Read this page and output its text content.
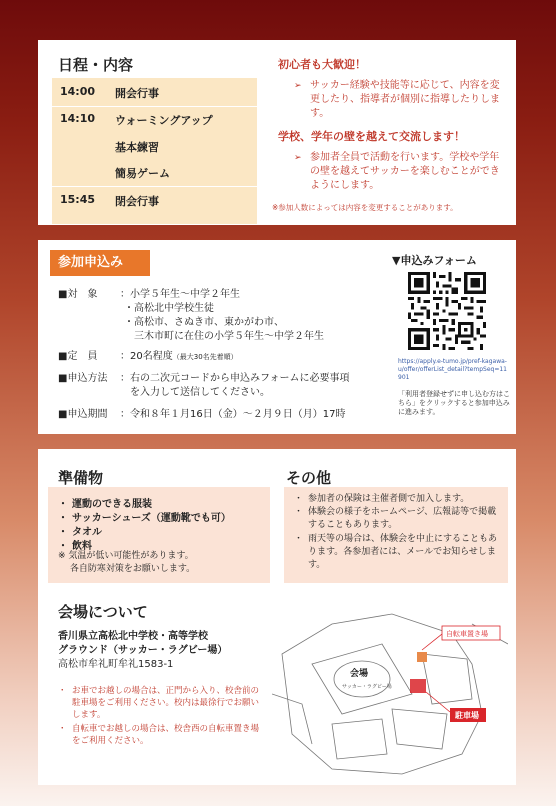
日程・内容
14:00	開会行事
14:10	ウォーミングアップ
基本練習
簡易ゲーム
15:45	閉会行事
初心者も大歓迎！
➢ サッカー経験や技能等に応じて、内容を変更したり、指導者が個別に指導したりします。
学校、学年の壁を越えて交流します！
➢ 参加者全員で活動を行います。学校や学年の壁を越えてサッカーを楽しむことができようにします。
※参加人数によっては内容を変更することがあります。
参加申込み	▼申込みフォーム
https://apply.e-tumo.jp/pref-kagawa-u/offer/offerList_detail?tempSeq=11901
「利用者登録せずに申し込む方はこちら」をクリックすると参加申込みに進みます。
■対　象 ：小学５年生〜中学２年生
・高松北中学校生徒
・高松市、さぬき市、東かがわ市、
　三木市町に在住の小学５年生〜中学２年生
■定　員 ：20名程度（最大30名先着順）
■申込方法 ：右の二次元コードから申込みフォームに必要事項
　を入力して送信してください。
■申込期間 ：令和８年１月16日（金）〜２月９日（月）17時
準備物	その他
・ 運動のできる服装
・ サッカーシューズ（運動靴でも可）
・ タオル
・ 飲料
※ 気温が低い可能性があります。
　 各自防寒対策をお願いします。
・ 参加者の保険は主催者側で加入します。
・ 体験会の様子をホームページ、広報誌等で掲載することもあります。
・ 雨天等の場合は、体験会を中止にすることもあります。各参加者には、メールでお知らせします。
会場について
香川県立高松北中学校・高等学校
グラウンド（サッカー・ラグビー場）
高松市牟礼町牟礼1583-1
・ お車でお越しの場合は、正門から入り、校舎前の駐車場をご利用ください。校内は最徐行でお願いします。
・ 自転車でお越しの場合は、校舎西の自転車置き場をご利用ください。
会場
サッカー・ラグビー場
自転車置き場
駐車場
